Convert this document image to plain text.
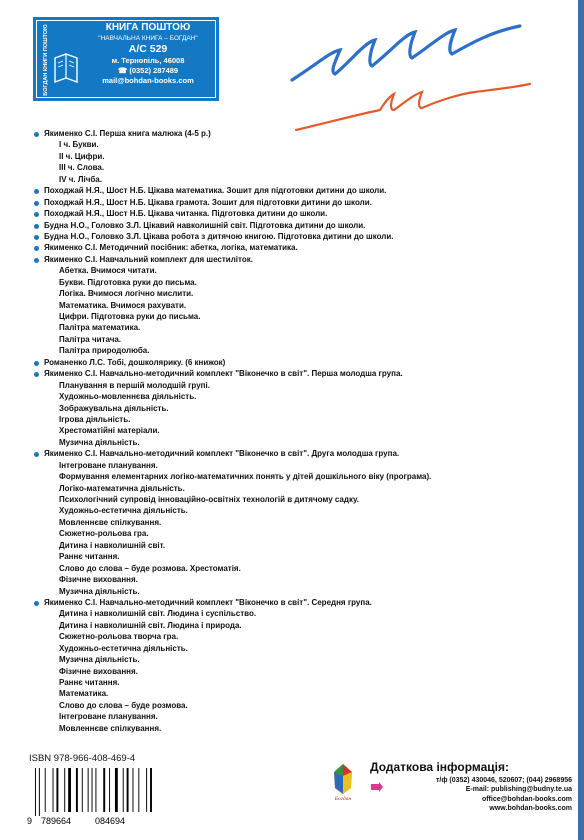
БОГДАН КНИГИ ПОШТОЮ	КНИГА ПОШТОЮ
"НАВЧАЛЬНА КНИГА – БОГДАН"
А/С 529
м. Тернопіль, 46008
☎ (0352) 287489
mail@bohdan-books.com
Якименко С.І. Перша книга малюка (4-5 р.)
І ч. Букви.
ІІ ч. Цифри.
ІІІ ч. Слова.
ІV ч. Лічба.
Походжай Н.Я., Шост Н.Б. Цікава математика. Зошит для підготовки дитини до школи.
Походжай Н.Я., Шост Н.Б. Цікава грамота. Зошит для підготовки дитини до школи.
Походжай Н.Я., Шост Н.Б. Цікава читанка. Підготовка дитини до школи.
Будна Н.О., Головко З.Л. Цікавий навколишній світ. Підготовка дитини до школи.
Будна Н.О., Головко З.Л. Цікава робота з дитячою книгою. Підготовка дитини до школи.
Якименко С.І. Методичний посібник: абетка, логіка, математика.
Якименко С.І. Навчальний комплект для шестиліток.
Абетка. Вчимося читати.
Букви. Підготовка руки до письма.
Логіка. Вчимося логічно мислити.
Математика. Вчимося рахувати.
Цифри. Підготовка руки до письма.
Палітра математика.
Палітра читача.
Палітра природолюба.
Романенко Л.С. Тобі, дошколярику. (6 книжок)
Якименко С.І. Навчально-методичний комплект "Віконечко в світ". Перша молодша група.
Планування в першій молодшій групі.
Художньо-мовленнєва діяльність.
Зображувальна діяльність.
Ігрова діяльність.
Хрестоматійні матеріали.
Музична діяльність.
Якименко С.І. Навчально-методичний комплект "Віконечко в світ". Друга молодша група.
Інтегроване планування.
Формування елементарних логіко-математичних понять у дітей дошкільного віку (програма).
Логіко-математична діяльність.
Психологічний супровід інноваційно-освітніх технологій в дитячому садку.
Художньо-естетична діяльність.
Мовленнєве спілкування.
Сюжетно-рольова гра.
Дитина і навколишній світ.
Раннє читання.
Слово до слова – буде розмова. Хрестоматія.
Фізичне виховання.
Музична діяльність.
Якименко С.І. Навчально-методичний комплект "Віконечко в світ". Середня група.
Дитина і навколишній світ. Людина і суспільство.
Дитина і навколишній світ. Людина і природа.
Сюжетно-рольова творча гра.
Художньо-естетична діяльність.
Музична діяльність.
Фізичне виховання.
Раннє читання.
Математика.
Слово до слова – буде розмова.
Інтегроване планування.
Мовленнєве спілкування.
ISBN 978-966-408-469-4
9 789664	084694
Богдан
Додаткова інформація:
т/ф (0352) 430046, 520607; (044) 2968956
E-mail: publishing@budny.te.ua
office@bohdan-books.com
www.bohdan-books.com
